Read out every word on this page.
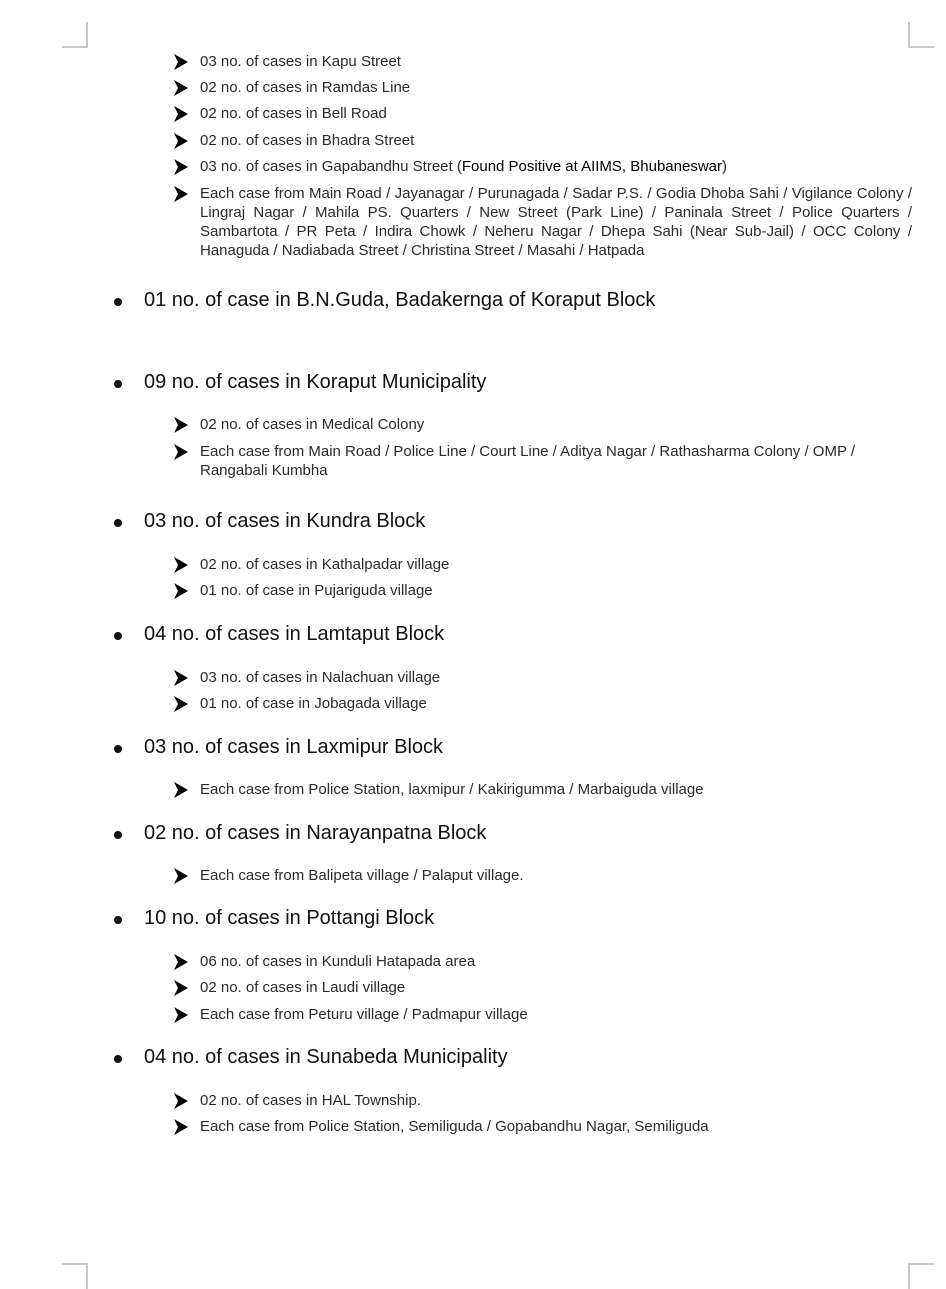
03 no. of cases in Kapu Street
02 no. of cases in Ramdas Line
02 no. of cases in Bell Road
02 no. of cases in Bhadra Street
03 no. of cases in Gapabandhu Street (Found Positive at AIIMS, Bhubaneswar)
Each case from Main Road / Jayanagar / Purunagada / Sadar P.S. / Godia Dhoba Sahi / Vigilance Colony / Lingraj Nagar / Mahila PS. Quarters / New Street (Park Line) / Paninala Street / Police Quarters / Sambartota / PR Peta / Indira Chowk / Neheru Nagar / Dhepa Sahi (Near Sub-Jail) / OCC Colony / Hanaguda / Nadiabada Street / Christina Street / Masahi / Hatpada
01 no. of case in B.N.Guda, Badakernga of Koraput Block
09 no. of cases in Koraput Municipality
02 no. of cases in Medical Colony
Each case from Main Road / Police Line / Court Line / Aditya Nagar / Rathasharma Colony / OMP / Rangabali Kumbha
03 no. of cases in Kundra Block
02 no. of cases in Kathalpadar village
01 no. of case in Pujariguda village
04 no. of cases in Lamtaput Block
03 no. of cases in Nalachuan village
01 no. of case in Jobagada village
03 no. of cases in Laxmipur Block
Each case from Police Station, laxmipur / Kakirigumma / Marbaiguda village
02 no. of cases in Narayanpatna Block
Each case from Balipeta village / Palaput village.
10 no. of cases in Pottangi Block
06 no. of cases in Kunduli Hatapada area
02 no. of cases in Laudi village
Each case from Peturu village / Padmapur village
04 no. of cases in Sunabeda Municipality
02 no. of cases in HAL Township.
Each case from Police Station, Semiliguda / Gopabandhu Nagar, Semiliguda
